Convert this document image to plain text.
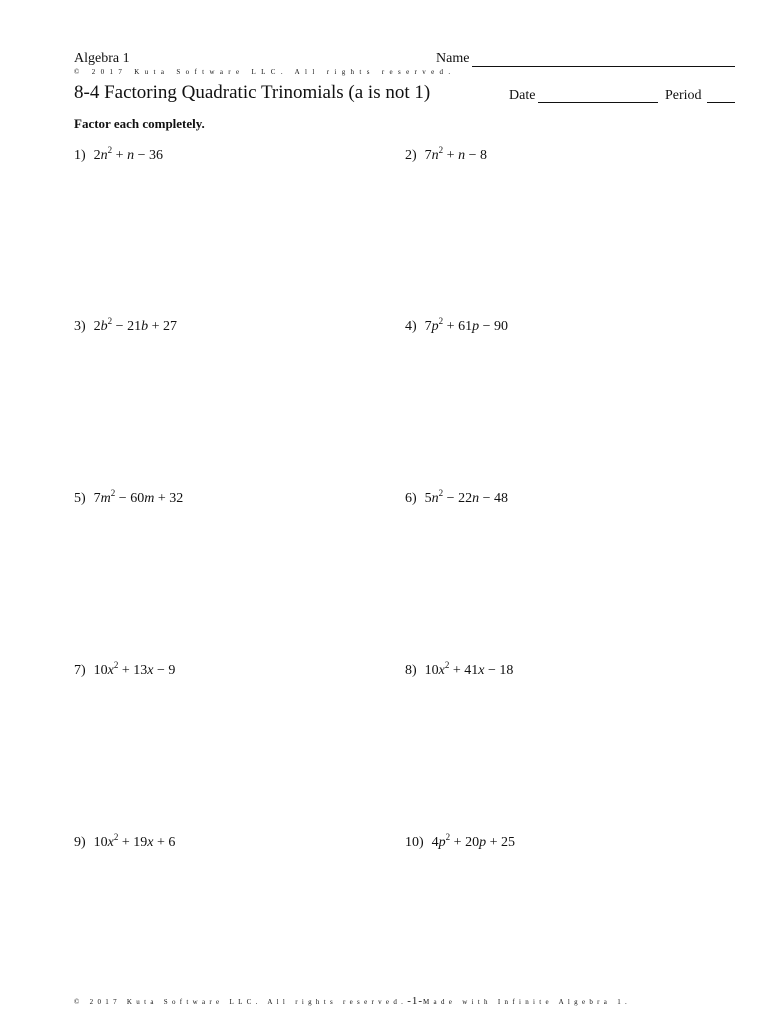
Algebra 1	Name
© 2017 Kuta Software LLC. All rights reserved.
8-4 Factoring Quadratic Trinomials (a is not 1)	Date	Period
Factor each completely.
1) $2n^2 + n - 36$	2) $7n^2 + n - 8$
3) $2b^2 - 21b + 27$	4) $7p^2 + 61p - 90$
5) $7m^2 - 60m + 32$	6) $5n^2 - 22n - 48$
7) $10x^2 + 13x - 9$	8) $10x^2 + 41x - 18$
9) $10x^2 + 19x + 6$	10) $4p^2 + 20p + 25$
© 2017 Kuta Software LLC. All rights reserved.-1-Made with Infinite Algebra 1.
